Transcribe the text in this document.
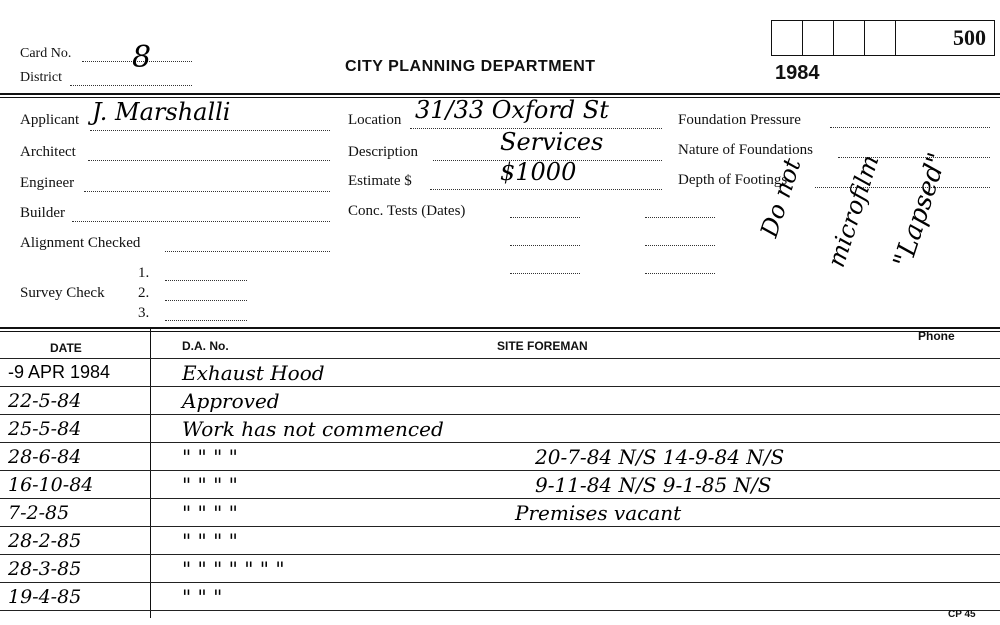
Card No. 8
District
CITY PLANNING DEPARTMENT	1984
500
Applicant J. Marshalli
Architect
Engineer
Builder
Alignment Checked
1.
Survey Check 2.
3.
Location 31/33 Oxford St
Description	Services
Estimate $	$1000
Conc. Tests (Dates)
Foundation Pressure
Nature of Foundations
Depth of Footings
Do not microfilm "Lapsed"
DATE	D.A. No.	SITE FOREMAN
Phone
-9 APR 1984	Exhaust Hood
22-5-84	Approved
25-5-84	Work has not commenced
28-6-84	" " " "	20-7-84 N/S 14-9-84 N/S
16-10-84	" " " "	9-11-84 N/S 9-1-85 N/S
7-2-85	" " " "	Premises vacant
28-2-85	" " " "
28-3-85	" " " " " " "
19-4-85	" " "
CP 45
